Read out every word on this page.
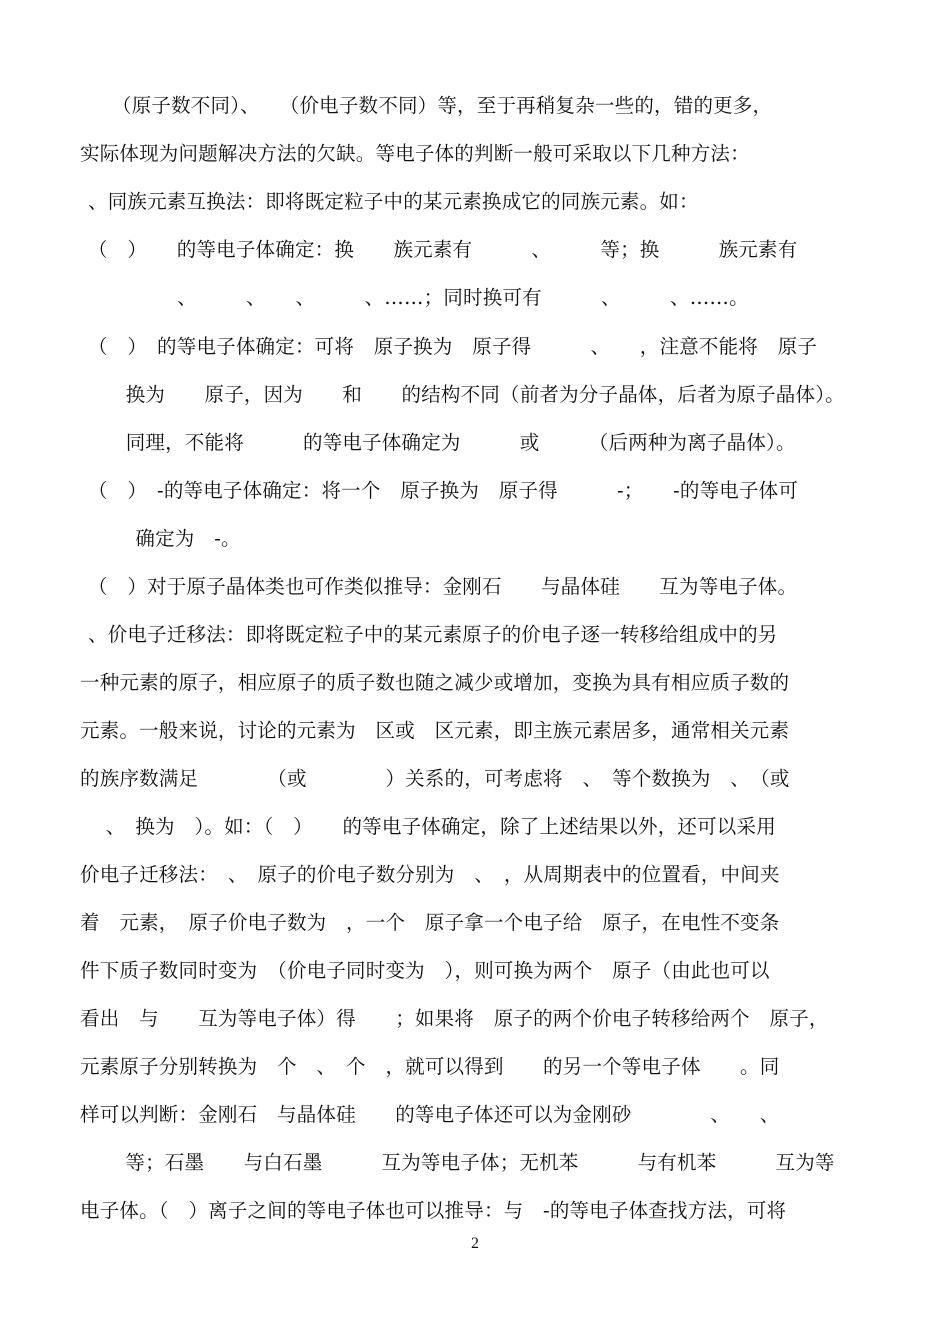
（原子数不同）、　　（价电子数不同）等，至于再稍复杂一些的，错的更多，
实际体现为问题解决方法的欠缺。等电子体的判断一般可采取以下几种方法：
、同族元素互换法：即将既定粒子中的某元素换成它的同族元素。如：
（　）　　的等电子体确定：换　　族元素有　　　、　　　等；换　　　族元素有
　　　、　　　、　　、　　　、……；同时换可有　　　、　　　、……。
（　）　的等电子体确定：可将　原子换为　原子得　　　、　　，注意不能将　原子
　换为　　原子，因为　　和　　的结构不同（前者为分子晶体，后者为原子晶体）。
　同理，不能将　　　的等电子体确定为　　　或　　　（后两种为离子晶体）。
（　）　-的等电子体确定：将一个　原子换为　原子得　　　-；　　-的等电子体可
　　确定为　-。
（　）对于原子晶体类也可作类似推导：金刚石　　与晶体硅　　互为等电子体。
、价电子迁移法：即将既定粒子中的某元素原子的价电子逐一转移给组成中的另
一种元素的原子，相应原子的质子数也随之减少或增加，变换为具有相应质子数的
元素。一般来说，讨论的元素为　区或　区元素，即主族元素居多，通常相关元素
的族序数满足　　　　（或　　　　）关系的，可考虑将　、　等个数换为　、　（或
　、　换为　）。如：（　）　　的等电子体确定，除了上述结果以外，还可以采用
价电子迁移法：　、　原子的价电子数分别为　、　，从周期表中的位置看，中间夹
着　元素，　原子价电子数为　，一个　原子拿一个电子给　原子，在电性不变条
件下质子数同时变为　（价电子同时变为　），则可换为两个　原子（由此也可以
看出　与　　互为等电子体）得　　；如果将　原子的两个价电子转移给两个　原子，
元素原子分别转换为　个　、　个　，就可以得到　　的另一个等电子体　　。同
样可以判断：金刚石　与晶体硅　　的等电子体还可以为金刚砂　　　　、　　、
　　等；石墨　　与白石墨　　　互为等电子体；无机苯　　　与有机苯　　　互为等
电子体。（　）离子之间的等电子体也可以推导：与　-的等电子体查找方法，可将
2
